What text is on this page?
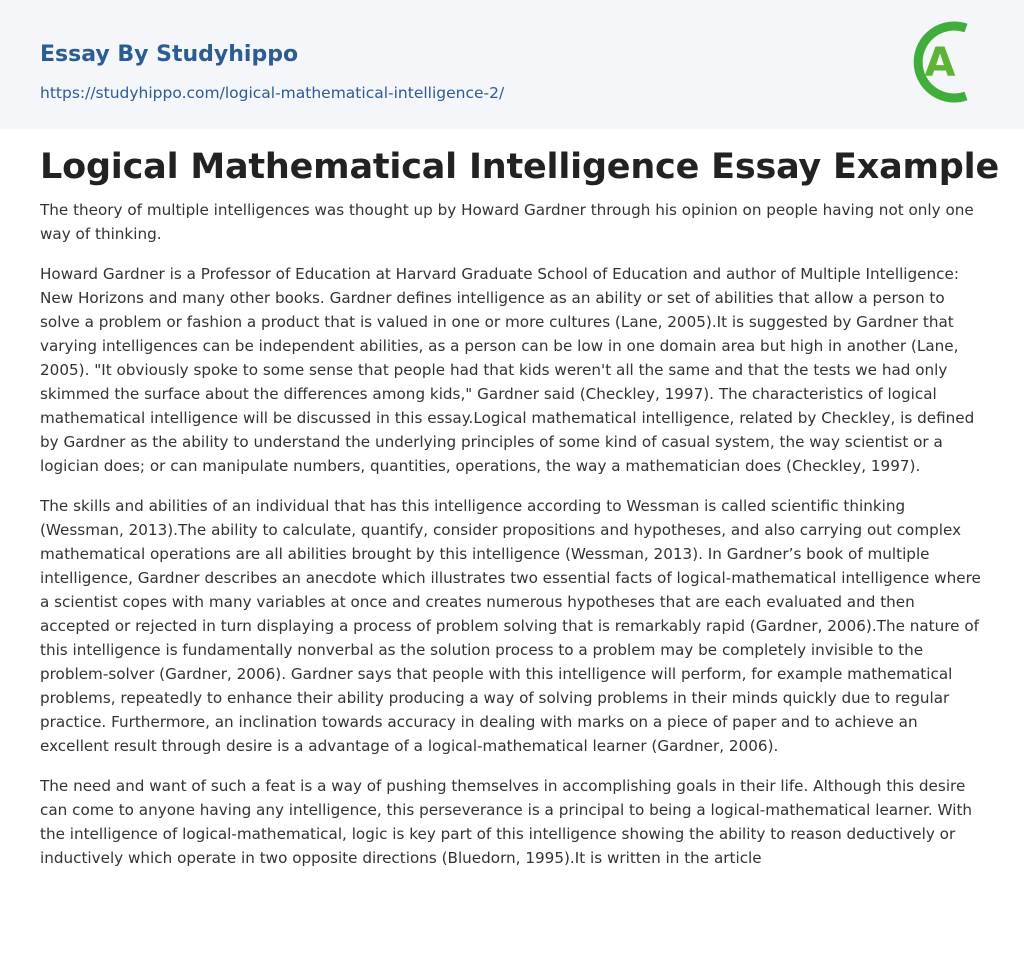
Essay By Studyhippo
https://studyhippo.com/logical-mathematical-intelligence-2/
A
Logical Mathematical Intelligence Essay Example

The theory of multiple intelligences was thought up by Howard Gardner through his opinion on people having not only one way of thinking.

Howard Gardner is a Professor of Education at Harvard Graduate School of Education and author of Multiple Intelligence: New Horizons and many other books. Gardner defines intelligence as an ability or set of abilities that allow a person to solve a problem or fashion a product that is valued in one or more cultures (Lane, 2005).It is suggested by Gardner that varying intelligences can be independent abilities, as a person can be low in one domain area but high in another (Lane, 2005). "It obviously spoke to some sense that people had that kids weren't all the same and that the tests we had only skimmed the surface about the differences among kids," Gardner said (Checkley, 1997). The characteristics of logical mathematical intelligence will be discussed in this essay.Logical mathematical intelligence, related by Checkley, is defined by Gardner as the ability to understand the underlying principles of some kind of casual system, the way scientist or a logician does; or can manipulate numbers, quantities, operations, the way a mathematician does (Checkley, 1997).

The skills and abilities of an individual that has this intelligence according to Wessman is called scientific thinking (Wessman, 2013).The ability to calculate, quantify, consider propositions and hypotheses, and also carrying out complex mathematical operations are all abilities brought by this intelligence (Wessman, 2013). In Gardner’s book of multiple intelligence, Gardner describes an anecdote which illustrates two essential facts of logical-mathematical intelligence where a scientist copes with many variables at once and creates numerous hypotheses that are each evaluated and then accepted or rejected in turn displaying a process of problem solving that is remarkably rapid (Gardner, 2006).The nature of this intelligence is fundamentally nonverbal as the solution process to a problem may be completely invisible to the problem-solver (Gardner, 2006). Gardner says that people with this intelligence will perform, for example mathematical problems, repeatedly to enhance their ability producing a way of solving problems in their minds quickly due to regular practice. Furthermore, an inclination towards accuracy in dealing with marks on a piece of paper and to achieve an excellent result through desire is a advantage of a logical-mathematical learner (Gardner, 2006).

The need and want of such a feat is a way of pushing themselves in accomplishing goals in their life. Although this desire can come to anyone having any intelligence, this perseverance is a principal to being a logical-mathematical learner. With the intelligence of logical-mathematical, logic is key part of this intelligence showing the ability to reason deductively or inductively which operate in two opposite directions (Bluedorn, 1995).It is written in the article
